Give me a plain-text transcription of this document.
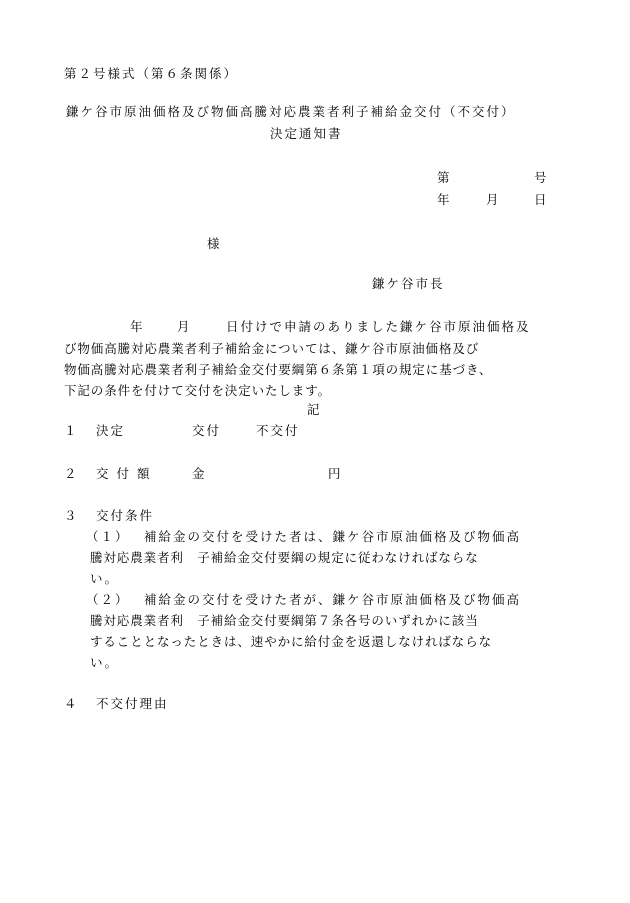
第２号様式（第６条関係）
鎌ケ谷市原油価格及び物価高騰対応農業者利子補給金交付（不交付）
決定通知書
第	号
年	月	日
様
鎌ケ谷市長
年	月	日付けで申請のありました鎌ケ谷市原油価格及
び物価高騰対応農業者利子補給金については、鎌ケ谷市原油価格及び
物価高騰対応農業者利子補給金交付要綱第６条第１項の規定に基づき、
下記の条件を付けて交付を決定いたします。
記
１ 決定	交付	不交付
２ 交 付 額	金	円
３ 交付条件
（１） 補給金の交付を受けた者は、鎌ケ谷市原油価格及び物価高
騰対応農業者利　子補給金交付要綱の規定に従わなければならな
い。
（２） 補給金の交付を受けた者が、鎌ケ谷市原油価格及び物価高
騰対応農業者利　子補給金交付要綱第７条各号のいずれかに該当
することとなったときは、速やかに給付金を返還しなければならな
い。
４ 不交付理由
